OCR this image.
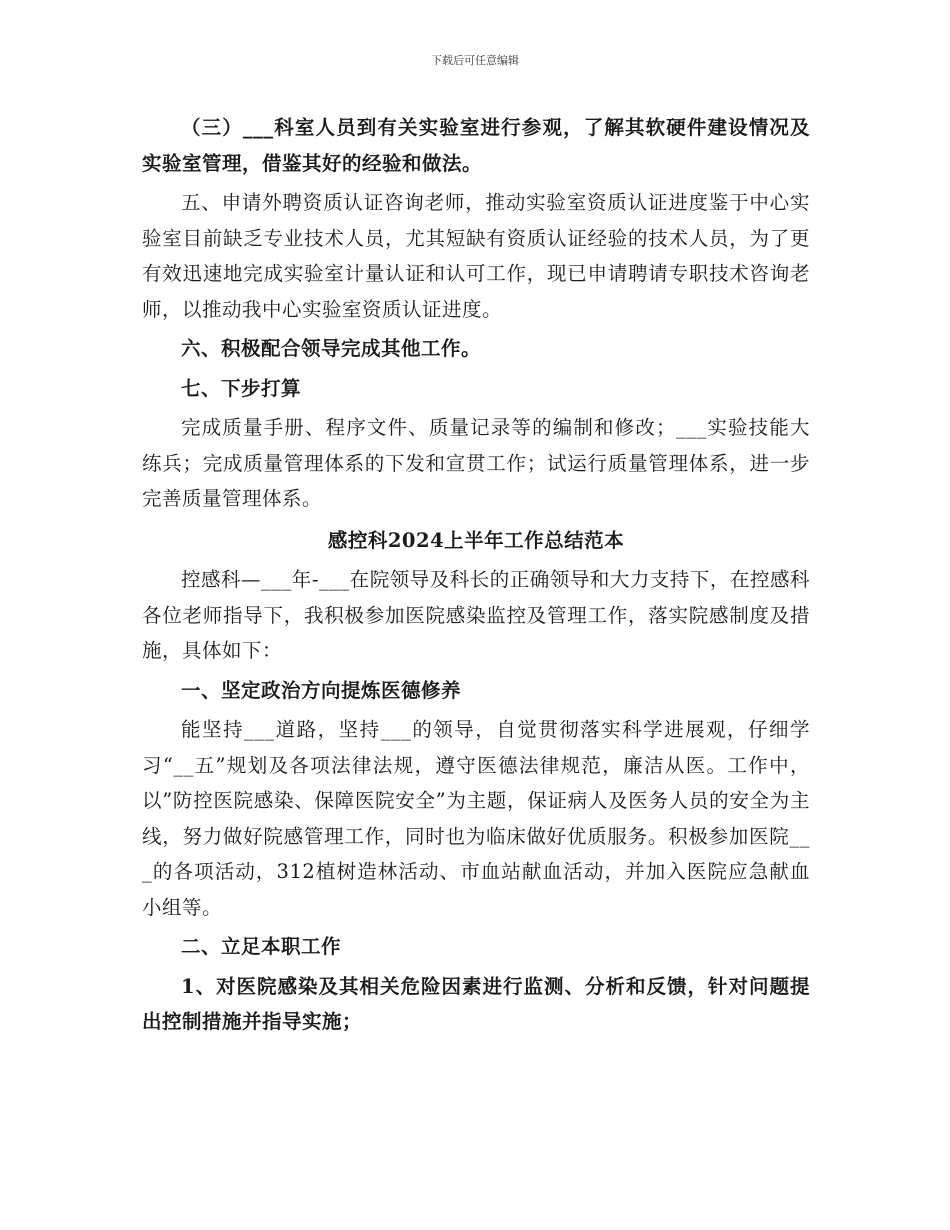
下载后可任意编辑

（三）___科室人员到有关实验室进行参观，了解其软硬件建设情况及实验室管理，借鉴其好的经验和做法。

五、申请外聘资质认证咨询老师，推动实验室资质认证进度鉴于中心实验室目前缺乏专业技术人员，尤其短缺有资质认证经验的技术人员，为了更有效迅速地完成实验室计量认证和认可工作，现已申请聘请专职技术咨询老师，以推动我中心实验室资质认证进度。

六、积极配合领导完成其他工作。

七、下步打算

完成质量手册、程序文件、质量记录等的编制和修改；___实验技能大练兵；完成质量管理体系的下发和宣贯工作；试运行质量管理体系，进一步完善质量管理体系。

感控科2024上半年工作总结范本

控感科—___年-___在院领导及科长的正确领导和大力支持下，在控感科各位老师指导下，我积极参加医院感染监控及管理工作，落实院感制度及措施，具体如下：

一、坚定政治方向提炼医德修养

能坚持___道路，坚持___的领导，自觉贯彻落实科学进展观，仔细学习“__五”规划及各项法律法规，遵守医德法律规范，廉洁从医。工作中，以”防控医院感染、保障医院安全”为主题，保证病人及医务人员的安全为主线，努力做好院感管理工作，同时也为临床做好优质服务。积极参加医院___的各项活动，312植树造林活动、市血站献血活动，并加入医院应急献血小组等。

二、立足本职工作

1、对医院感染及其相关危险因素进行监测、分析和反馈，针对问题提出控制措施并指导实施；
